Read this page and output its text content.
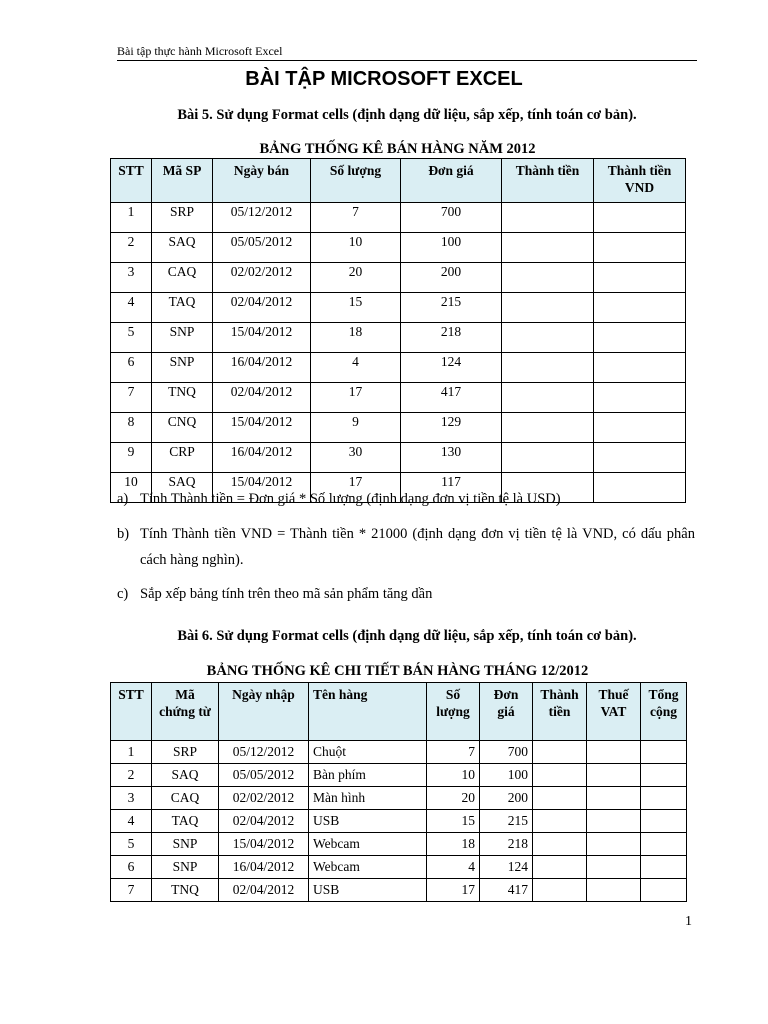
Bài tập thực hành Microsoft Excel
BÀI TẬP MICROSOFT EXCEL
Bài 5. Sử dụng Format cells (định dạng dữ liệu, sắp xếp, tính toán cơ bản).
BẢNG THỐNG KÊ BÁN HÀNG NĂM 2012
STT	Mã SP	Ngày bán	Số lượng	Đơn giá	Thành tiền	Thành tiền VND
1	SRP	05/12/2012	7	700		
2	SAQ	05/05/2012	10	100		
3	CAQ	02/02/2012	20	200		
4	TAQ	02/04/2012	15	215		
5	SNP	15/04/2012	18	218		
6	SNP	16/04/2012	4	124		
7	TNQ	02/04/2012	17	417		
8	CNQ	15/04/2012	9	129		
9	CRP	16/04/2012	30	130		
10	SAQ	15/04/2012	17	117		
a) Tính Thành tiền = Đơn giá * Số lượng (định dạng đơn vị tiền tệ là USD)
b) Tính Thành tiền VND = Thành tiền * 21000 (định dạng đơn vị tiền tệ là VND, có dấu phân cách hàng nghìn).
c) Sắp xếp bảng tính trên theo mã sản phẩm tăng dần
Bài 6. Sử dụng Format cells (định dạng dữ liệu, sắp xếp, tính toán cơ bản).
BẢNG THỐNG KÊ CHI TIẾT BÁN HÀNG THÁNG 12/2012
STT	Mã chứng từ	Ngày nhập	Tên hàng	Số lượng	Đơn giá	Thành tiền	Thuế VAT	Tổng cộng
1	SRP	05/12/2012	Chuột	7	700			
2	SAQ	05/05/2012	Bàn phím	10	100			
3	CAQ	02/02/2012	Màn hình	20	200			
4	TAQ	02/04/2012	USB	15	215			
5	SNP	15/04/2012	Webcam	18	218			
6	SNP	16/04/2012	Webcam	4	124			
7	TNQ	02/04/2012	USB	17	417			
1
